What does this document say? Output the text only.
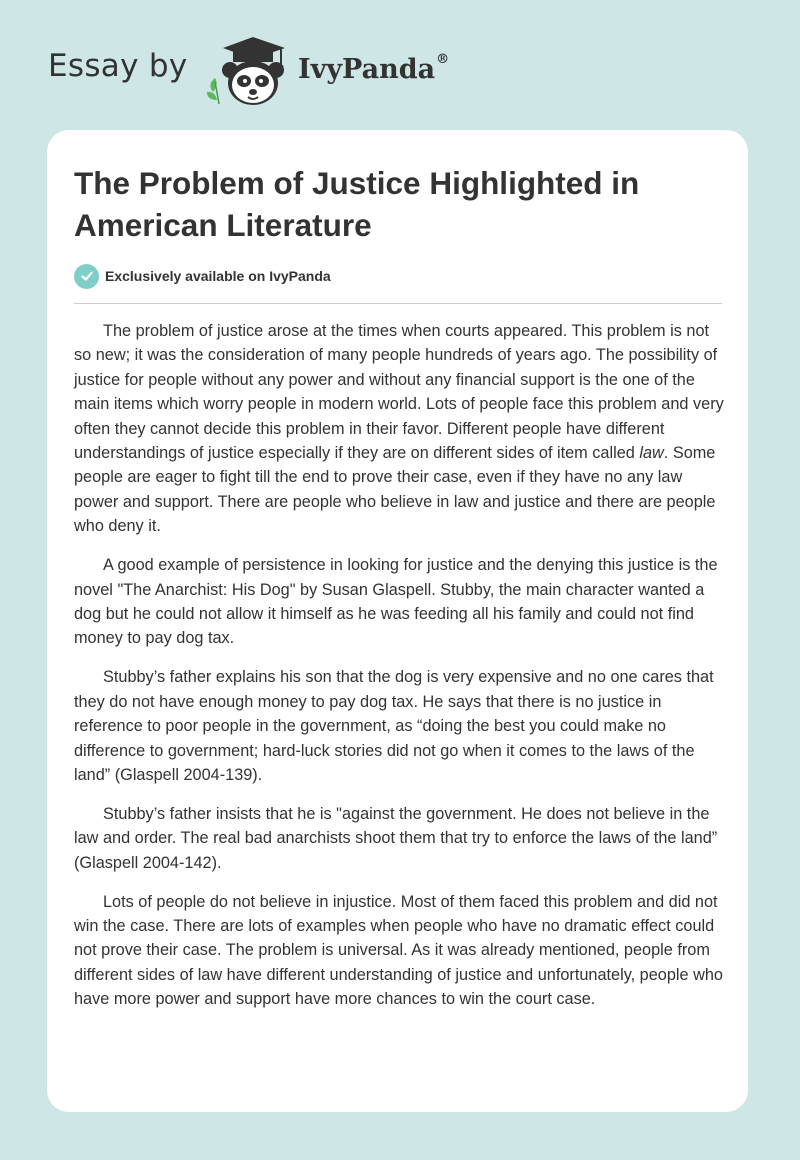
Essay by	IvyPanda®
The Problem of Justice Highlighted in American Literature
Exclusively available on IvyPanda

The problem of justice arose at the times when courts appeared. This problem is not so new; it was the consideration of many people hundreds of years ago. The possibility of justice for people without any power and without any financial support is the one of the main items which worry people in modern world. Lots of people face this problem and very often they cannot decide this problem in their favor. Different people have different understandings of justice especially if they are on different sides of item called law. Some people are eager to fight till the end to prove their case, even if they have no any law power and support. There are people who believe in law and justice and there are people who deny it.

A good example of persistence in looking for justice and the denying this justice is the novel "The Anarchist: His Dog" by Susan Glaspell. Stubby, the main character wanted a dog but he could not allow it himself as he was feeding all his family and could not find money to pay dog tax.

Stubby’s father explains his son that the dog is very expensive and no one cares that they do not have enough money to pay dog tax. He says that there is no justice in reference to poor people in the government, as “doing the best you could make no difference to government; hard-luck stories did not go when it comes to the laws of the land” (Glaspell 2004-139).

Stubby’s father insists that he is "against the government. He does not believe in the law and order. The real bad anarchists shoot them that try to enforce the laws of the land” (Glaspell 2004-142).

Lots of people do not believe in injustice. Most of them faced this problem and did not win the case. There are lots of examples when people who have no dramatic effect could not prove their case. The problem is universal. As it was already mentioned, people from different sides of law have different understanding of justice and unfortunately, people who have more power and support have more chances to win the court case.
